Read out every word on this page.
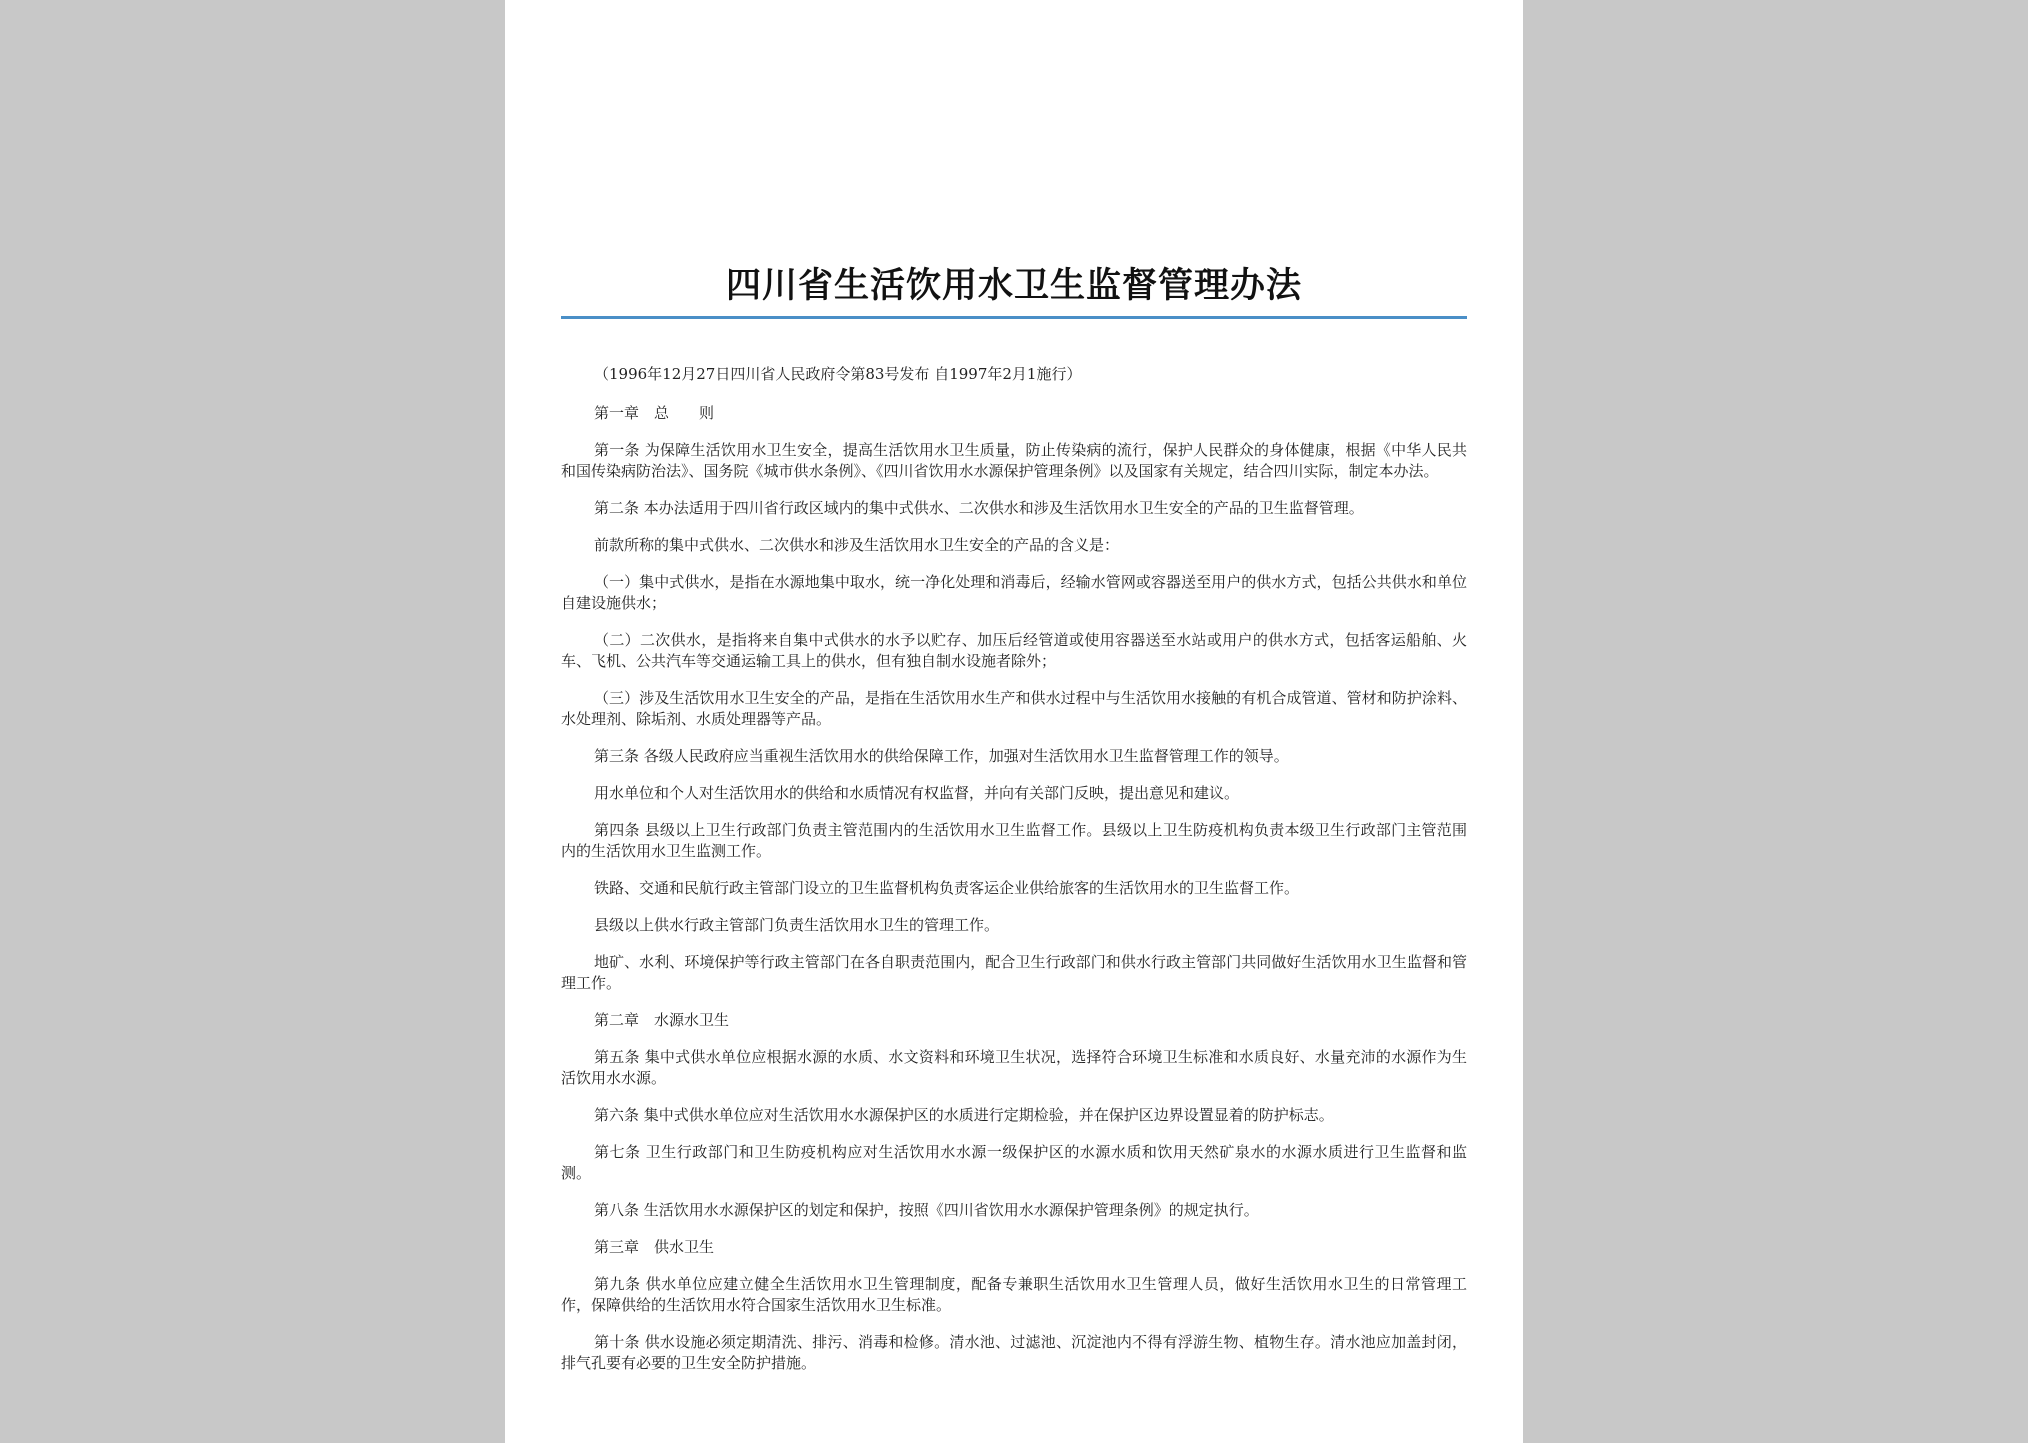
四川省生活饮用水卫生监督管理办法

（1996年12月27日四川省人民政府令第83号发布 自1997年2月1施行）

第一章　总　　则

第一条 为保障生活饮用水卫生安全，提高生活饮用水卫生质量，防止传染病的流行，保护人民群众的身体健康，根据《中华人民共和国传染病防治法》、国务院《城市供水条例》、《四川省饮用水水源保护管理条例》以及国家有关规定，结合四川实际，制定本办法。

第二条 本办法适用于四川省行政区域内的集中式供水、二次供水和涉及生活饮用水卫生安全的产品的卫生监督管理。

前款所称的集中式供水、二次供水和涉及生活饮用水卫生安全的产品的含义是：

（一）集中式供水，是指在水源地集中取水，统一净化处理和消毒后，经输水管网或容器送至用户的供水方式，包括公共供水和单位自建设施供水；

（二）二次供水，是指将来自集中式供水的水予以贮存、加压后经管道或使用容器送至水站或用户的供水方式，包括客运船舶、火车、飞机、公共汽车等交通运输工具上的供水，但有独自制水设施者除外；

（三）涉及生活饮用水卫生安全的产品，是指在生活饮用水生产和供水过程中与生活饮用水接触的有机合成管道、管材和防护涂料、水处理剂、除垢剂、水质处理器等产品。

第三条 各级人民政府应当重视生活饮用水的供给保障工作，加强对生活饮用水卫生监督管理工作的领导。

用水单位和个人对生活饮用水的供给和水质情况有权监督，并向有关部门反映，提出意见和建议。

第四条 县级以上卫生行政部门负责主管范围内的生活饮用水卫生监督工作。县级以上卫生防疫机构负责本级卫生行政部门主管范围内的生活饮用水卫生监测工作。

铁路、交通和民航行政主管部门设立的卫生监督机构负责客运企业供给旅客的生活饮用水的卫生监督工作。

县级以上供水行政主管部门负责生活饮用水卫生的管理工作。

地矿、水利、环境保护等行政主管部门在各自职责范围内，配合卫生行政部门和供水行政主管部门共同做好生活饮用水卫生监督和管理工作。

第二章　水源水卫生

第五条 集中式供水单位应根据水源的水质、水文资料和环境卫生状况，选择符合环境卫生标准和水质良好、水量充沛的水源作为生活饮用水水源。

第六条 集中式供水单位应对生活饮用水水源保护区的水质进行定期检验，并在保护区边界设置显着的防护标志。

第七条 卫生行政部门和卫生防疫机构应对生活饮用水水源一级保护区的水源水质和饮用天然矿泉水的水源水质进行卫生监督和监测。

第八条 生活饮用水水源保护区的划定和保护，按照《四川省饮用水水源保护管理条例》的规定执行。

第三章　供水卫生

第九条 供水单位应建立健全生活饮用水卫生管理制度，配备专兼职生活饮用水卫生管理人员，做好生活饮用水卫生的日常管理工作，保障供给的生活饮用水符合国家生活饮用水卫生标准。

第十条 供水设施必须定期清洗、排污、消毒和检修。清水池、过滤池、沉淀池内不得有浮游生物、植物生存。清水池应加盖封闭，排气孔要有必要的卫生安全防护措施。
